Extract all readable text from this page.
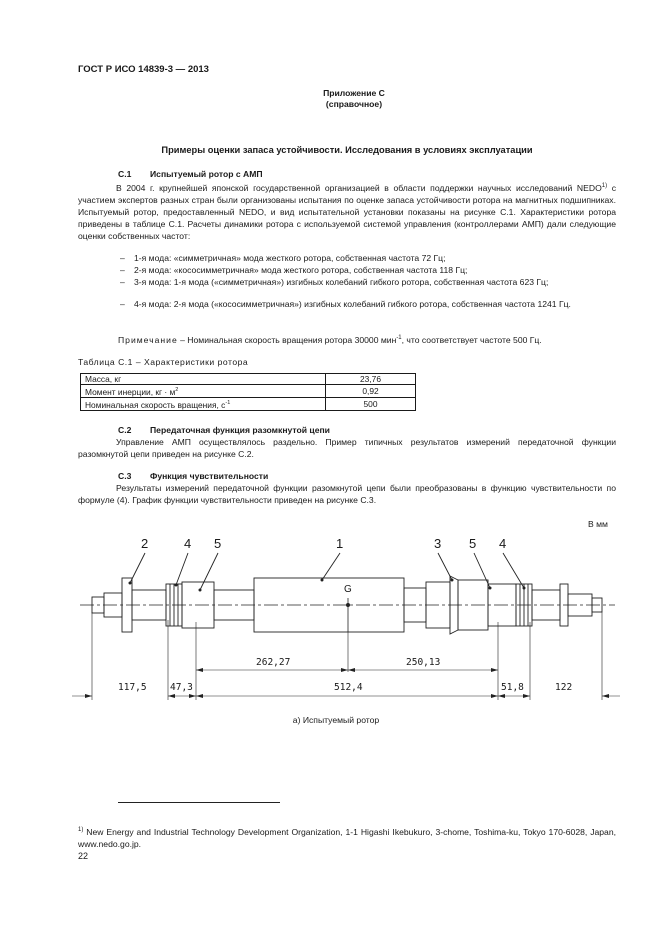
ГОСТ Р ИСО 14839-3 — 2013
Приложение С
(справочное)
Примеры оценки запаса устойчивости. Исследования в условиях эксплуатации
С.1 Испытуемый ротор с АМП
В 2004 г. крупнейшей японской государственной организацией в области поддержки научных исследований NEDO$^{1)}$ с участием экспертов разных стран были организованы испытания по оценке запаса устойчивости ротора на магнитных подшипниках. Испытуемый ротор, предоставленный NEDO, и вид испытательной установки показаны на рисунке С.1. Характеристики ротора приведены в таблице С.1. Расчеты динамики ротора с используемой системой управления (контроллерами АМП) дали следующие оценки собственных частот:
– 1-я мода: «симметричная» мода жесткого ротора, собственная частота 72 Гц;
– 2-я мода: «кососимметричная» мода жесткого ротора, собственная частота 118 Гц;
– 3-я мода: 1-я мода («симметричная») изгибных колебаний гибкого ротора, собственная частота 623 Гц;
– 4-я мода: 2-я мода («кососимметричная») изгибных колебаний гибкого ротора, собственная частота 1241 Гц.
Примечание – Номинальная скорость вращения ротора 30000 мин$^{-1}$, что соответствует частоте 500 Гц.
Таблица С.1 – Характеристики ротора
Масса, кг	23,76
Момент инерции, кг · $м^2$	0,92
Номинальная скорость вращения, $с^{-1}$	500
С.2 Передаточная функция разомкнутой цепи
Управление АМП осуществлялось раздельно. Пример типичных результатов измерений передаточной функции разомкнутой цепи приведен на рисунке С.2.
С.3 Функция чувствительности
Результаты измерений передаточной функции разомкнутой цепи были преобразованы в функцию чувствительности по формуле (4). График функции чувствительности приведен на рисунке С.3.
В мм
2	4 5	1	3 5 4
G
262,27	250,13
117,5 47,3	512,4	51,8	122
а) Испытуемый ротор
$^{1)}$ New Energy and Industrial Technology Development Organization, 1-1 Higashi Ikebukuro, 3-chome, Toshima-ku, Tokyo 170-6028, Japan, www.nedo.go.jp.
22
